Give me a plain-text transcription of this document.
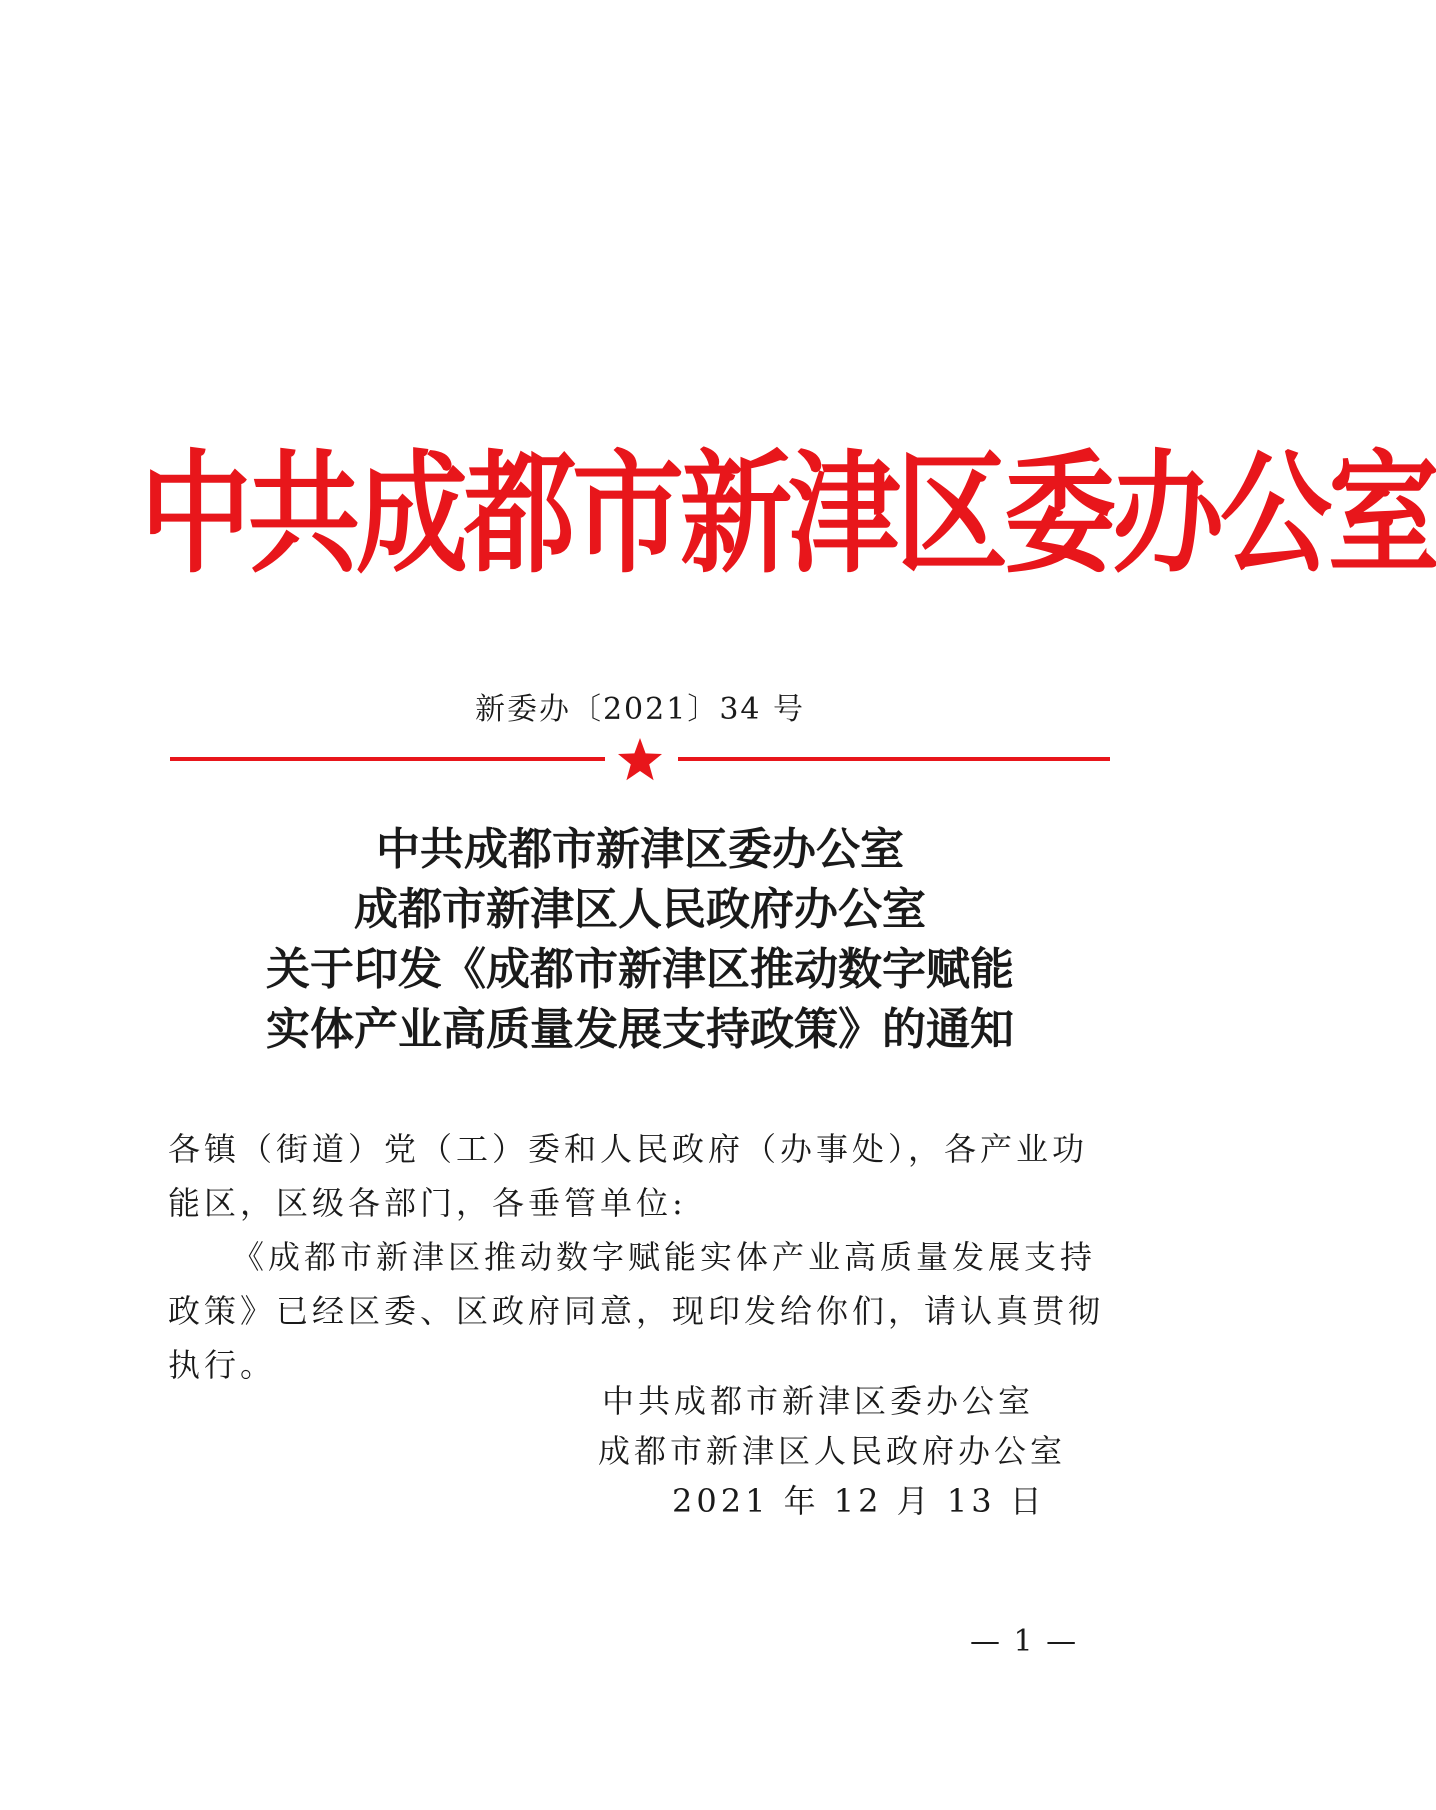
中共成都市新津区委办公室
新委办〔2021〕34 号
中共成都市新津区委办公室
成都市新津区人民政府办公室
关于印发《成都市新津区推动数字赋能
实体产业高质量发展支持政策》的通知

各镇（街道）党（工）委和人民政府（办事处），各产业功能区，区级各部门，各垂管单位:

《成都市新津区推动数字赋能实体产业高质量发展支持政策》已经区委、区政府同意，现印发给你们，请认真贯彻执行。

中共成都市新津区委办公室
成都市新津区人民政府办公室
2021 年 12 月 13 日
— 1 —
